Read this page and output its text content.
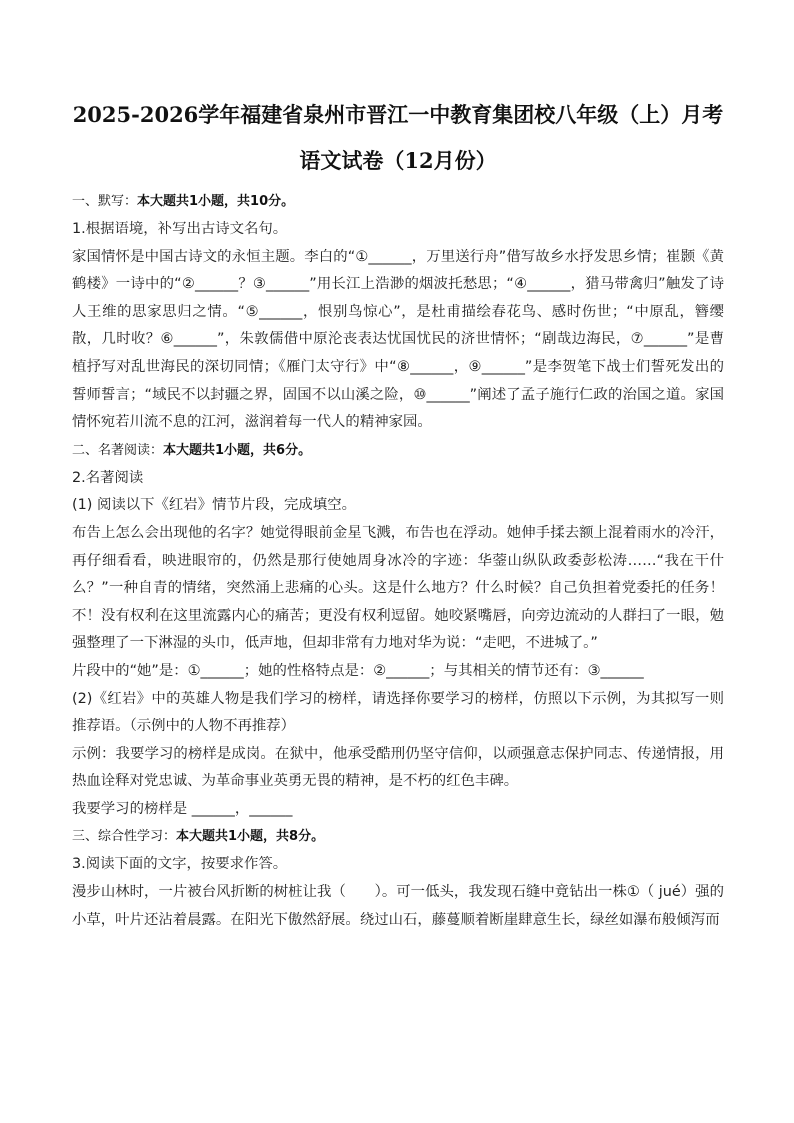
2025-2026学年福建省泉州市晋江一中教育集团校八年级（上）月考
语文试卷（12月份）
一、默写：本大题共1小题，共10分。

1.根据语境，补写出古诗文名句。

家国情怀是中国古诗文的永恒主题。李白的“①______，万里送行舟”借写故乡水抒发思乡情；崔颢《黄鹤楼》一诗中的“②______？③______”用长江上浩渺的烟波托愁思；“④______，猎马带禽归”触发了诗人王维的思家思归之情。“⑤______，恨别鸟惊心”，是杜甫描绘春花鸟、感时伤世；“中原乱，簪缨散，几时收？⑥______”，朱敦儒借中原沦丧表达忧国忧民的济世情怀；“剧哉边海民，⑦______”是曹植抒写对乱世海民的深切同情；《雁门太守行》中“⑧______，⑨______”是李贺笔下战士们誓死发出的誓师誓言；“域民不以封疆之界，固国不以山溪之险，⑩______”阐述了孟子施行仁政的治国之道。家国情怀宛若川流不息的江河，滋润着每一代人的精神家园。

二、名著阅读：本大题共1小题，共6分。

2.名著阅读

(1) 阅读以下《红岩》情节片段，完成填空。

布告上怎么会出现他的名字？她觉得眼前金星飞溅，布告也在浮动。她伸手揉去额上混着雨水的冷汗，再仔细看看，映进眼帘的，仍然是那行使她周身冰冷的字迹：华蓥山纵队政委彭松涛……“我在干什么？”一种自青的情绪，突然涌上悲痛的心头。这是什么地方？什么时候？自己负担着党委托的任务！不！没有权利在这里流露内心的痛苦；更没有权利逗留。她咬紧嘴唇，向旁边流动的人群扫了一眼，勉强整理了一下淋湿的头巾，低声地，但却非常有力地对华为说：“走吧，不进城了。”

片段中的“她”是：①______；她的性格特点是：②______；与其相关的情节还有：③______

(2)《红岩》中的英雄人物是我们学习的榜样，请选择你要学习的榜样，仿照以下示例，为其拟写一则推荐语。（示例中的人物不再推荐）

示例：我要学习的榜样是成岗。在狱中，他承受酷刑仍坚守信仰，以顽强意志保护同志、传递情报，用热血诠释对党忠诚、为革命事业英勇无畏的精神，是不朽的红色丰碑。

我要学习的榜样是 ______，______

三、综合性学习：本大题共1小题，共8分。

3.阅读下面的文字，按要求作答。

漫步山林时，一片被台风折断的树桩让我（　　）。可一低头，我发现石缝中竟钻出一株①（ jué）强的小草，叶片还沾着晨露。在阳光下傲然舒展。绕过山石，藤蔓顺着断崖肆意生长，绿丝如瀑布般倾泻而
